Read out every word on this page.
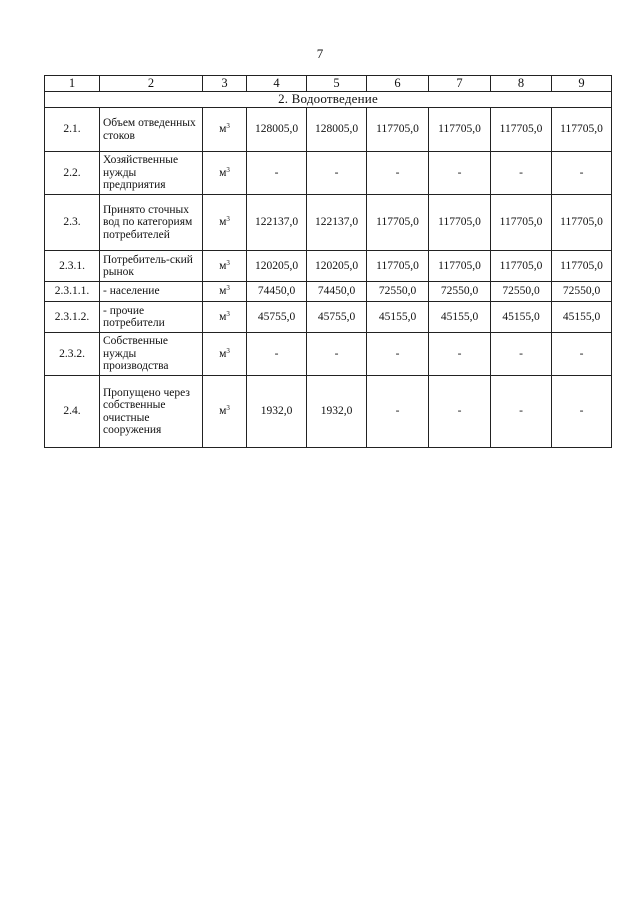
7
1	2	3	4	5	6	7	8	9
2. Водоотведение								
2.1.	Объем отведенных стоков	$м^3$	128005,0	128005,0	117705,0	117705,0	117705,0	117705,0
2.2.	Хозяйственные нужды предприятия	$м^3$	-	-	-	-	-	-
2.3.	Принято сточных вод по категориям потребителей	$м^3$	122137,0	122137,0	117705,0	117705,0	117705,0	117705,0
2.3.1.	Потребитель-ский рынок	$м^3$	120205,0	120205,0	117705,0	117705,0	117705,0	117705,0
2.3.1.1.	- население	$м^3$	74450,0	74450,0	72550,0	72550,0	72550,0	72550,0
2.3.1.2.	- прочие потребители	$м^3$	45755,0	45755,0	45155,0	45155,0	45155,0	45155,0
2.3.2.	Собственные нужды производства	$м^3$	-	-	-	-	-	-
2.4.	Пропущено через собственные очистные сооружения	$м^3$	1932,0	1932,0	-	-	-	-
